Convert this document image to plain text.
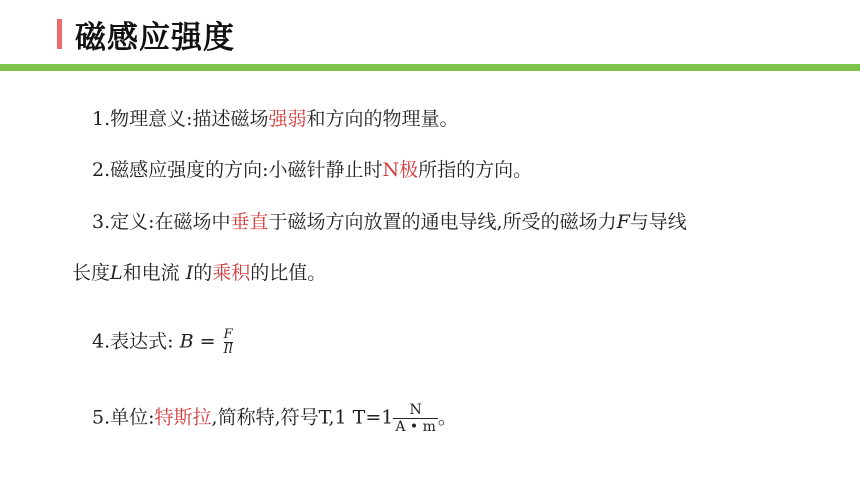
磁感应强度
1.物理意义:描述磁场强弱和方向的物理量。
2.磁感应强度的方向:小磁针静止时N极所指的方向。
3.定义:在磁场中垂直于磁场方向放置的通电导线,所受的磁场力F与导线
长度L和电流 I的乘积的比值。
4.表达式: $B = \frac{F}{Il}$
5.单位:特斯拉,简称特,符号T,1 $T=1 \frac{N}{A • m}$ 。
